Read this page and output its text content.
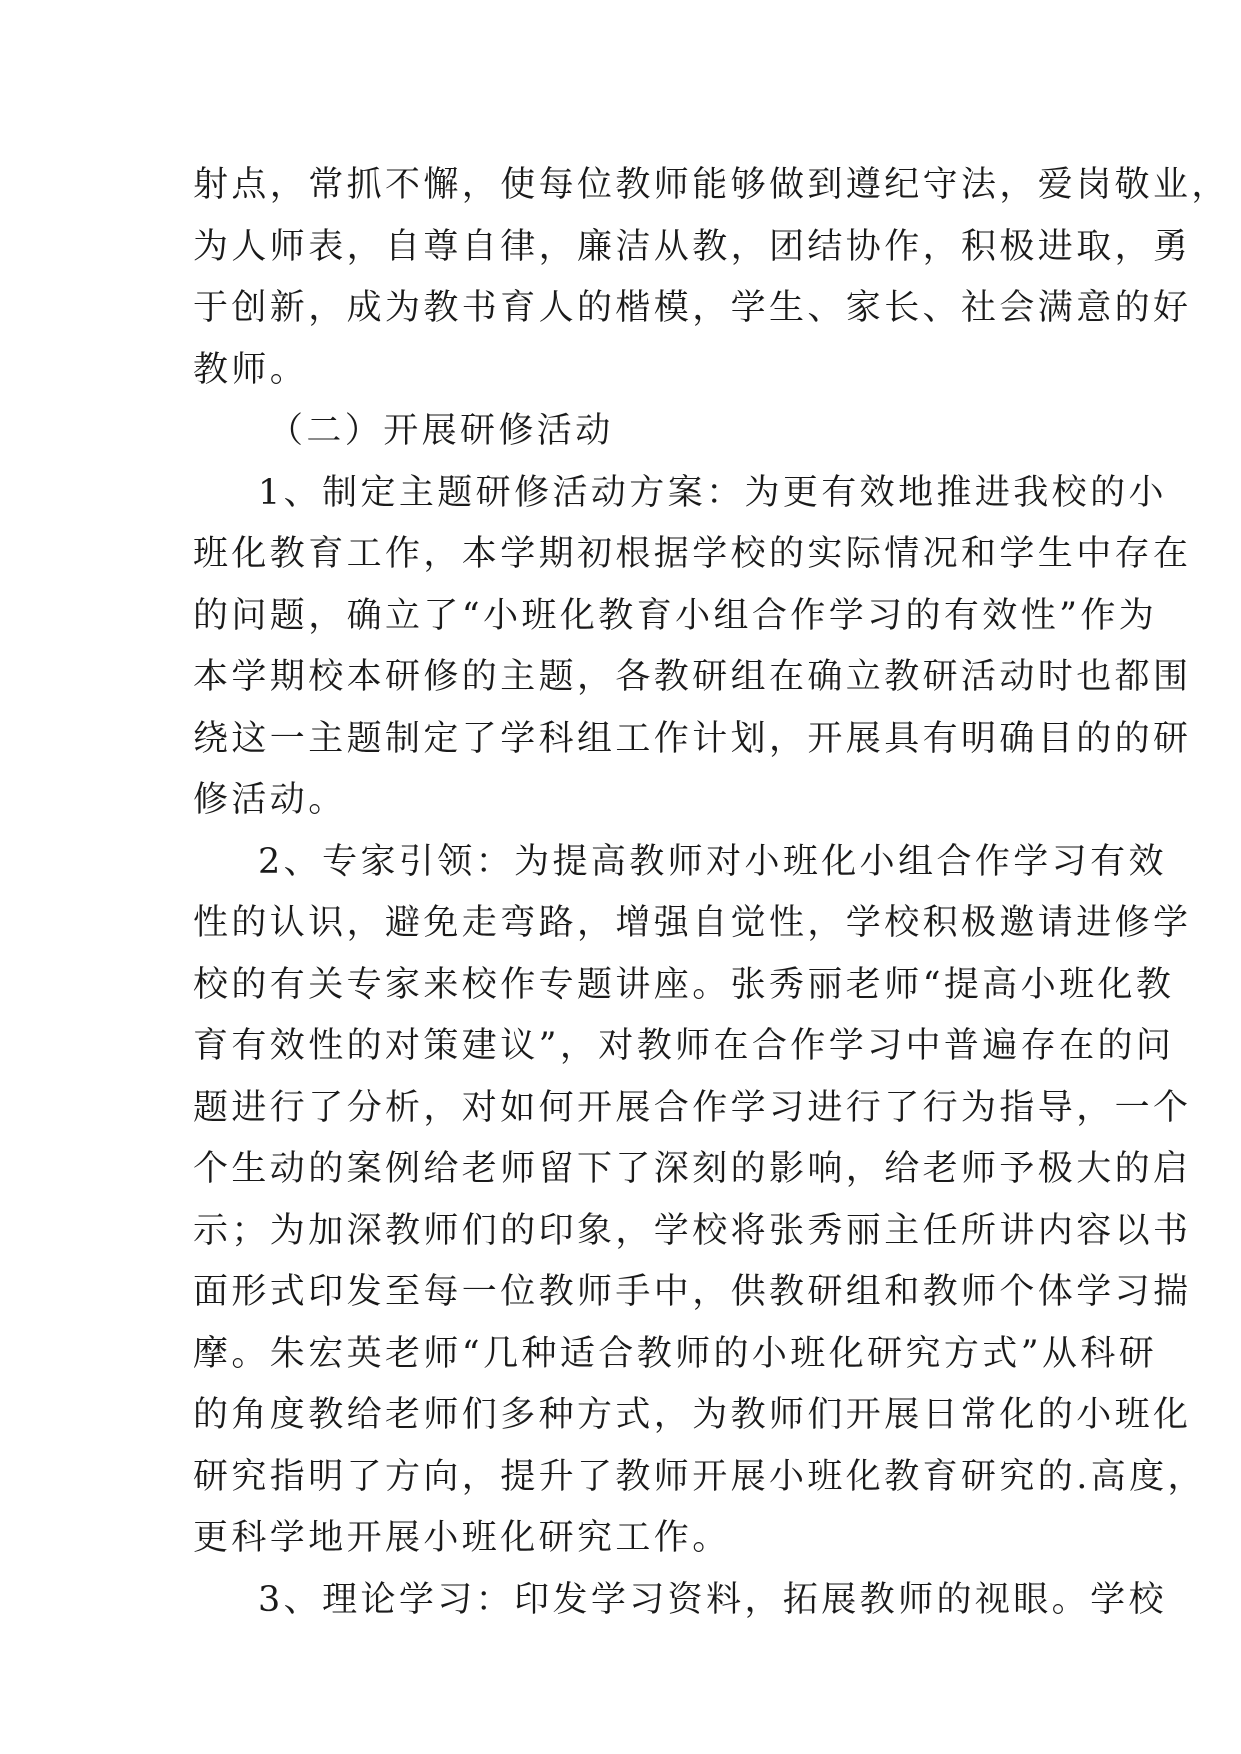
射点，常抓不懈，使每位教师能够做到遵纪守法，爱岗敬业，
为人师表，自尊自律，廉洁从教，团结协作，积极进取，勇
于创新，成为教书育人的楷模，学生、家长、社会满意的好
教师。
（二）开展研修活动
1、制定主题研修活动方案：为更有效地推进我校的小
班化教育工作，本学期初根据学校的实际情况和学生中存在
的问题，确立了“小班化教育小组合作学习的有效性”作为
本学期校本研修的主题，各教研组在确立教研活动时也都围
绕这一主题制定了学科组工作计划，开展具有明确目的的研
修活动。
2、专家引领：为提高教师对小班化小组合作学习有效
性的认识，避免走弯路，增强自觉性，学校积极邀请进修学
校的有关专家来校作专题讲座。张秀丽老师“提高小班化教
育有效性的对策建议”，对教师在合作学习中普遍存在的问
题进行了分析，对如何开展合作学习进行了行为指导，一个
个生动的案例给老师留下了深刻的影响，给老师予极大的启
示；为加深教师们的印象，学校将张秀丽主任所讲内容以书
面形式印发至每一位教师手中，供教研组和教师个体学习揣
摩。朱宏英老师“几种适合教师的小班化研究方式”从科研
的角度教给老师们多种方式，为教师们开展日常化的小班化
研究指明了方向，提升了教师开展小班化教育研究的.高度，
更科学地开展小班化研究工作。
3、理论学习：印发学习资料，拓展教师的视眼。学校
